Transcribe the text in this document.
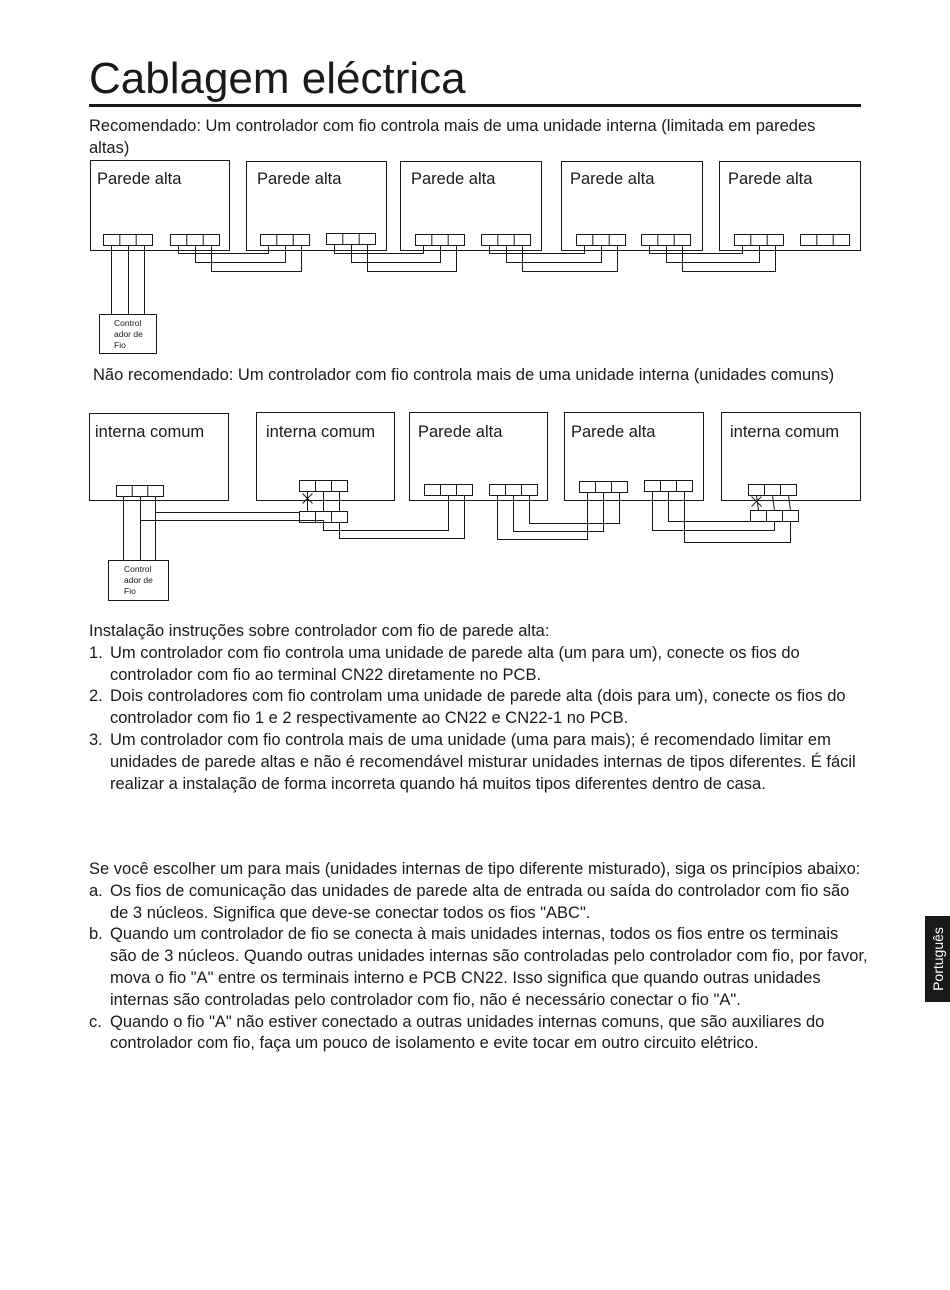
Cablagem eléctrica
Recomendado: Um controlador com fio controla mais de uma unidade interna (limitada em paredes altas)
Parede alta	Parede alta	Parede alta	Parede alta	Parede alta
Control
ador de
Fio
Não recomendado: Um controlador com fio controla mais de uma unidade interna (unidades comuns)
interna comum	interna comum	Parede alta	Parede alta	interna comum
Control
ador de
Fio

Instalação instruções sobre controlador com fio de parede alta:

1. Um controlador com fio controla uma unidade de parede alta (um para um), conecte os fios do controlador com fio ao terminal CN22 diretamente no PCB.
2. Dois controladores com fio controlam uma unidade de parede alta (dois para um), conecte os fios do controlador com fio 1 e 2 respectivamente ao CN22 e CN22-1 no PCB.
3. Um controlador com fio controla mais de uma unidade (uma para mais); é recomendado limitar em unidades de parede altas e não é recomendável misturar unidades internas de tipos diferentes. É fácil realizar a instalação de forma incorreta quando há muitos tipos diferentes dentro de casa.

Se você escolher um para mais (unidades internas de tipo diferente misturado), siga os princípios abaixo:

a. Os fios de comunicação das unidades de parede alta de entrada ou saída do controlador com fio são de 3 núcleos. Significa que deve-se conectar todos os fios "ABC".
b. Quando um controlador de fio se conecta à mais unidades internas, todos os fios entre os terminais são de 3 núcleos. Quando outras unidades internas são controladas pelo controlador com fio, por favor, mova o fio "A" entre os terminais interno e PCB CN22. Isso significa que quando outras unidades internas são controladas pelo controlador com fio, não é necessário conectar o fio "A".
c. Quando o fio "A" não estiver conectado a outras unidades internas comuns, que são auxiliares do controlador com fio, faça um pouco de isolamento e evite tocar em outro circuito elétrico.
Português
